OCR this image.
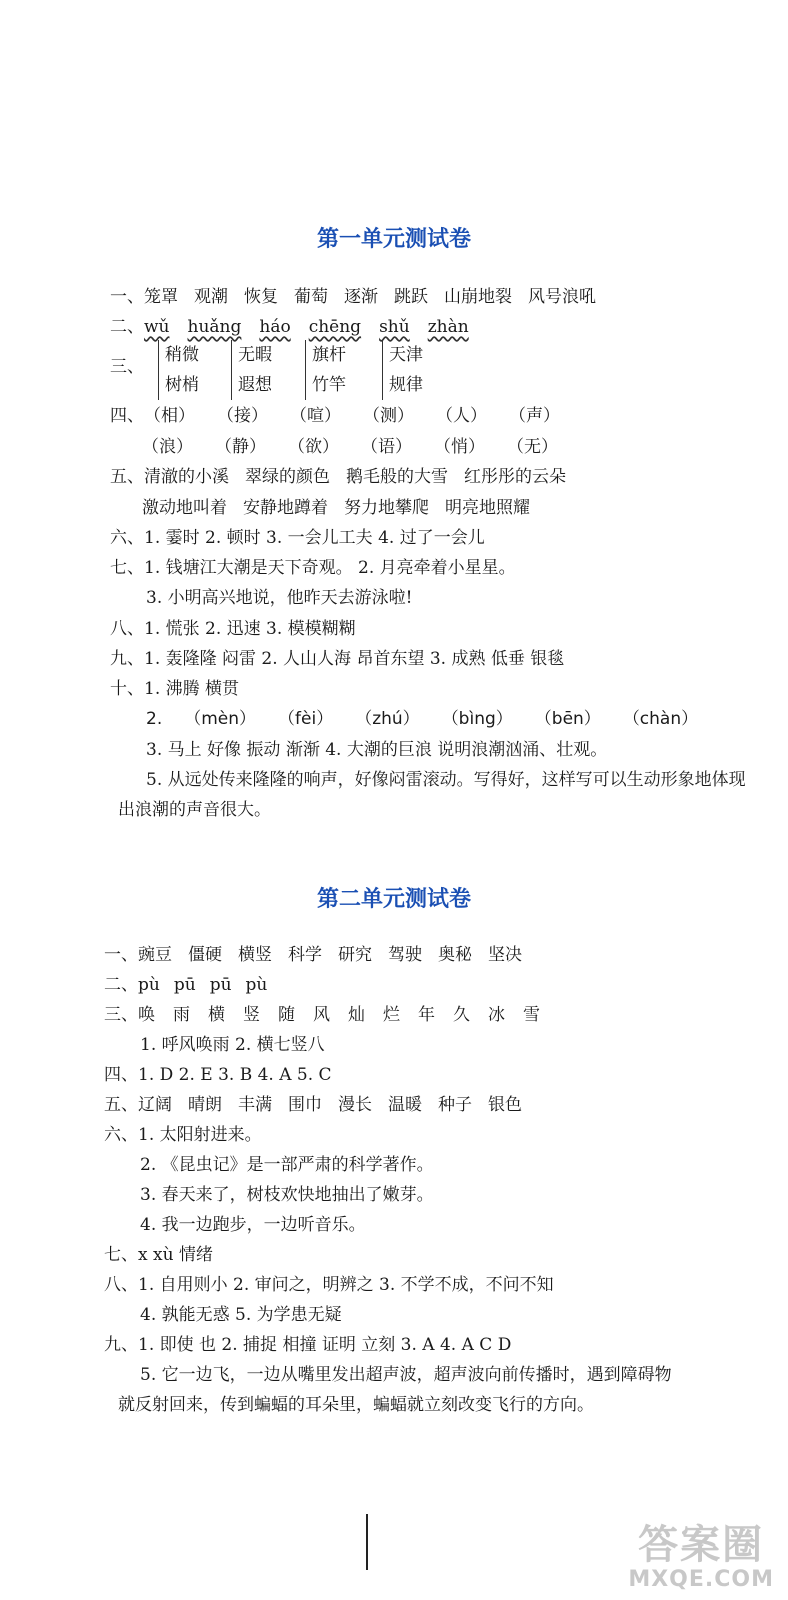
第一单元测试卷
一、笼罩 观潮 恢复 葡萄 逐渐 跳跃 山崩地裂 风号浪吼
二、wǔ huǎng háo chēng shǔ zhàn
三、
稍微
树梢
无暇
遐想
旗杆
竹竿
天津
规律
四、（相） （接） （喧） （测） （人） （声）
（浪） （静） （欲） （语） （悄） （无）
五、清澈的小溪 翠绿的颜色 鹅毛般的大雪 红彤彤的云朵
激动地叫着 安静地蹲着 努力地攀爬 明亮地照耀
六、1. 霎时 2. 顿时 3. 一会儿工夫 4. 过了一会儿
七、1. 钱塘江大潮是天下奇观。 2. 月亮牵着小星星。
3. 小明高兴地说，他昨天去游泳啦!
八、1. 慌张 2. 迅速 3. 模模糊糊
九、1. 轰隆隆 闷雷 2. 人山人海 昂首东望 3. 成熟 低垂 银毯
十、1. 沸腾 横贯
2. （mèn） （fèi） （zhú） （bìng） （bēn） （chàn）
3. 马上 好像 振动 渐渐 4. 大潮的巨浪 说明浪潮汹涌、壮观。
5. 从远处传来隆隆的响声，好像闷雷滚动。写得好，这样写可以生动形象地体现
出浪潮的声音很大。
第二单元测试卷
一、豌豆 僵硬 横竖 科学 研究 驾驶 奥秘 坚决
二、pù pū pū pù
三、唤 雨 横 竖 随 风 灿 烂 年 久 冰 雪
1. 呼风唤雨 2. 横七竖八
四、1. D 2. E 3. B 4. A 5. C
五、辽阔 晴朗 丰满 围巾 漫长 温暖 种子 银色
六、1. 太阳射进来。
2. 《昆虫记》是一部严肃的科学著作。
3. 春天来了，树枝欢快地抽出了嫩芽。
4. 我一边跑步，一边听音乐。
七、x xù 情绪
八、1. 自用则小 2. 审问之，明辨之 3. 不学不成，不问不知
4. 孰能无惑 5. 为学患无疑
九、1. 即使 也 2. 捕捉 相撞 证明 立刻 3. A 4. A C D
5. 它一边飞，一边从嘴里发出超声波，超声波向前传播时，遇到障碍物
就反射回来，传到蝙蝠的耳朵里，蝙蝠就立刻改变飞行的方向。
答案圈
MXQE.COM
